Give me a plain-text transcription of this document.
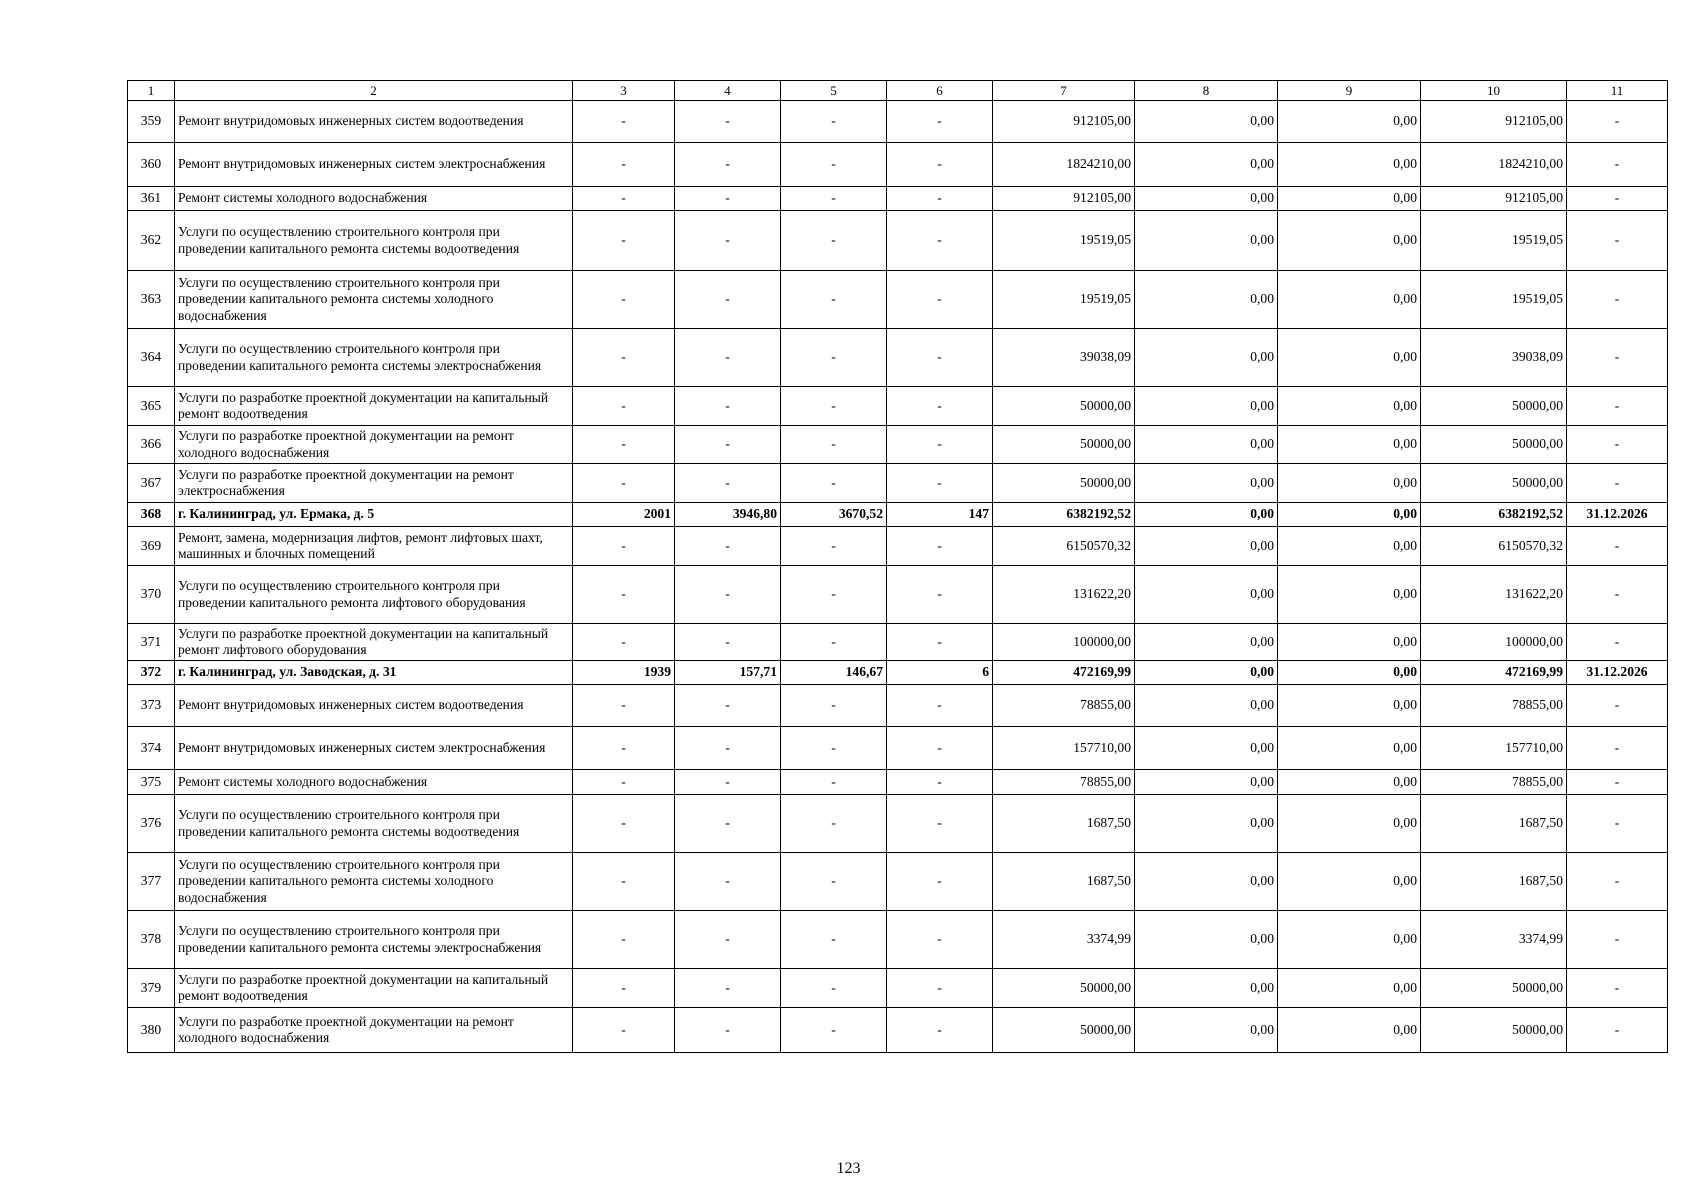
1	2	3	4	5	6	7	8	9	10	11
359	Ремонт внутридомовых инженерных систем водоотведения	-	-	-	-	912105,00	0,00	0,00	912105,00	-
360	Ремонт внутридомовых инженерных систем электроснабжения	-	-	-	-	1824210,00	0,00	0,00	1824210,00	-
361	Ремонт системы холодного водоснабжения	-	-	-	-	912105,00	0,00	0,00	912105,00	-
362	Услуги по осуществлению строительного контроля при проведении капитального ремонта системы водоотведения	-	-	-	-	19519,05	0,00	0,00	19519,05	-
363	Услуги по осуществлению строительного контроля при проведении капитального ремонта системы холодного водоснабжения	-	-	-	-	19519,05	0,00	0,00	19519,05	-
364	Услуги по осуществлению строительного контроля при проведении капитального ремонта системы электроснабжения	-	-	-	-	39038,09	0,00	0,00	39038,09	-
365	Услуги по разработке проектной документации на капитальный ремонт водоотведения	-	-	-	-	50000,00	0,00	0,00	50000,00	-
366	Услуги по разработке проектной документации на ремонт холодного водоснабжения	-	-	-	-	50000,00	0,00	0,00	50000,00	-
367	Услуги по разработке проектной документации на ремонт электроснабжения	-	-	-	-	50000,00	0,00	0,00	50000,00	-
368	г. Калининград, ул. Ермака, д. 5	2001	3946,80	3670,52	147	6382192,52	0,00	0,00	6382192,52	31.12.2026
369	Ремонт, замена, модернизация лифтов, ремонт лифтовых шахт, машинных и блочных помещений	-	-	-	-	6150570,32	0,00	0,00	6150570,32	-
370	Услуги по осуществлению строительного контроля при проведении капитального ремонта лифтового оборудования	-	-	-	-	131622,20	0,00	0,00	131622,20	-
371	Услуги по разработке проектной документации на капитальный ремонт лифтового оборудования	-	-	-	-	100000,00	0,00	0,00	100000,00	-
372	г. Калининград, ул. Заводская, д. 31	1939	157,71	146,67	6	472169,99	0,00	0,00	472169,99	31.12.2026
373	Ремонт внутридомовых инженерных систем водоотведения	-	-	-	-	78855,00	0,00	0,00	78855,00	-
374	Ремонт внутридомовых инженерных систем электроснабжения	-	-	-	-	157710,00	0,00	0,00	157710,00	-
375	Ремонт системы холодного водоснабжения	-	-	-	-	78855,00	0,00	0,00	78855,00	-
376	Услуги по осуществлению строительного контроля при проведении капитального ремонта системы водоотведения	-	-	-	-	1687,50	0,00	0,00	1687,50	-
377	Услуги по осуществлению строительного контроля при проведении капитального ремонта системы холодного водоснабжения	-	-	-	-	1687,50	0,00	0,00	1687,50	-
378	Услуги по осуществлению строительного контроля при проведении капитального ремонта системы электроснабжения	-	-	-	-	3374,99	0,00	0,00	3374,99	-
379	Услуги по разработке проектной документации на капитальный ремонт водоотведения	-	-	-	-	50000,00	0,00	0,00	50000,00	-
380	Услуги по разработке проектной документации на ремонт холодного водоснабжения	-	-	-	-	50000,00	0,00	0,00	50000,00	-
123
